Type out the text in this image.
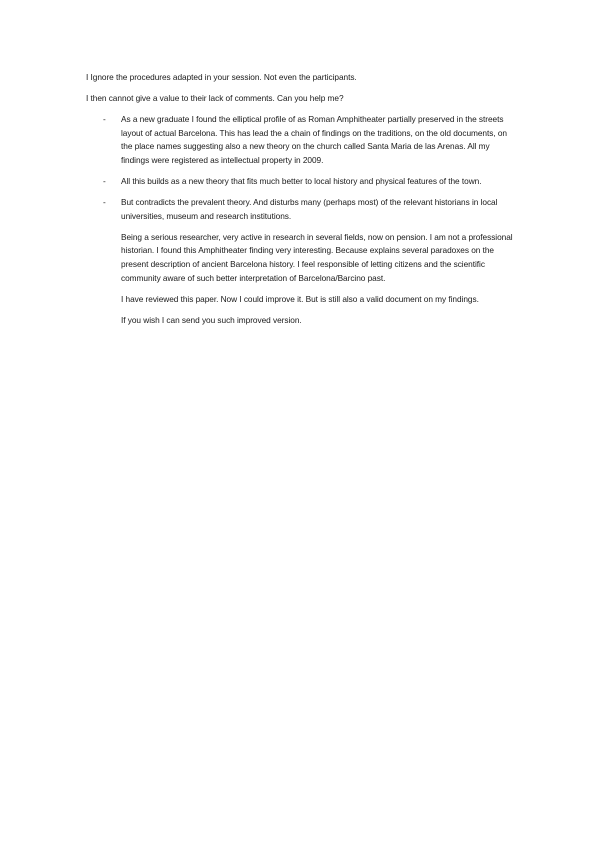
I Ignore the procedures adapted in your session. Not even the participants.

I then cannot give a value to their lack of comments. Can you help me?

- As a new graduate I found the elliptical profile of as Roman Amphitheater partially preserved in the streets layout of actual Barcelona. This has lead the a chain of findings on the traditions, on the old documents, on the place names suggesting also a new theory on the church called Santa Maria de las Arenas. All my findings were registered as intellectual property in 2009.
- All this builds as a new theory that fits much better to local history and physical features of the town.
- But contradicts the prevalent theory. And disturbs many (perhaps most) of the relevant historians in local universities, museum and research institutions.

Being a serious researcher, very active in research in several fields, now on pension. I am not a professional historian. I found this Amphitheater finding very interesting. Because explains several paradoxes on the present description of ancient Barcelona history. I feel responsible of letting citizens and the scientific community aware of such better interpretation of Barcelona/Barcino past.

I have reviewed this paper. Now I could improve it. But is still also a valid document on my findings.

If you wish I can send you such improved version.
